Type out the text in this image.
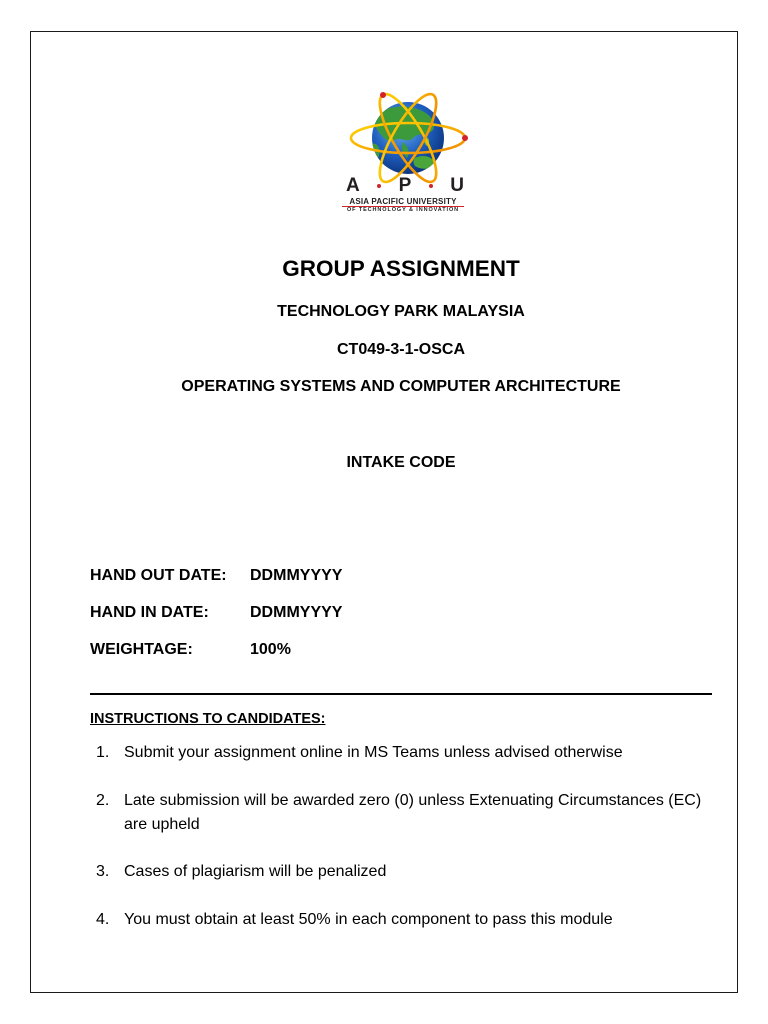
A P U
ASIA PACIFIC UNIVERSITY
OF TECHNOLOGY & INNOVATION
GROUP ASSIGNMENT
TECHNOLOGY PARK MALAYSIA
CT049-3-1-OSCA
OPERATING SYSTEMS AND COMPUTER ARCHITECTURE
INTAKE CODE
HAND OUT DATE: DDMMYYYY
HAND IN DATE:	DDMMYYYY
WEIGHTAGE:	100%
INSTRUCTIONS TO CANDIDATES:
1. Submit your assignment online in MS Teams unless advised otherwise
2. Late submission will be awarded zero (0) unless Extenuating Circumstances (EC) are upheld
3. Cases of plagiarism will be penalized
4. You must obtain at least 50% in each component to pass this module
